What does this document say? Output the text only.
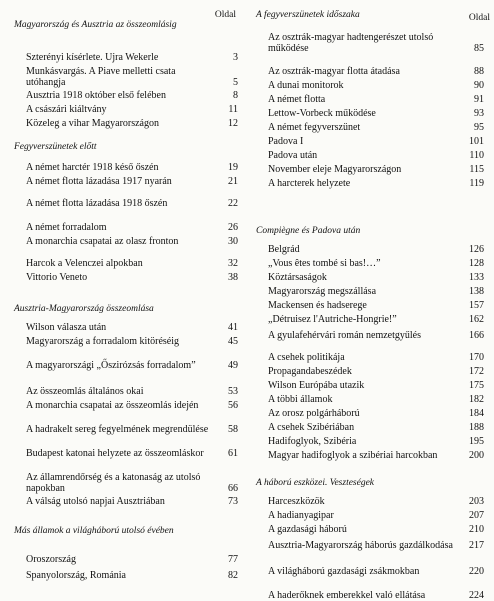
Oldal
Magyarország és Ausztria az összeomlásig
Szterényi kísérlete. Ujra Wekerle	3
Munkásvargás. A Piave melletti csata utóhangja	5
Ausztria 1918 október első felében	8
A császári kiáltvány	11
Közeleg a vihar Magyarországon	12
Fegyverszünetek előtt
A német harctér 1918 késő őszén	19
A német flotta lázadása 1917 nyarán	21
A német flotta lázadása 1918 őszén	22
A német forradalom	26
A monarchia csapatai az olasz fronton	30
Harcok a Velenczei alpokban	32
Vittorio Veneto	38
Ausztria-Magyarország összeomlása
Wilson válasza után	41
Magyarország a forradalom kitöréséig	45
A magyarországi „Őszirózsás forradalom”	49
Az összeomlás általános okai	53
A monarchia csapatai az összeomlás idején	56
A hadrakelt sereg fegyelmének megrendülése	58
Budapest katonai helyzete az összeomláskor	61
Az államrendőrség és a katonaság az utolsó napokban	66
A válság utolsó napjai Ausztriában	73
Más államok a világháború utolsó évében
Oroszország	77
Spanyolország, Románia	82
Oldal
A fegyverszünetek időszaka
Az osztrák-magyar hadtengerészet utolsó működése	85
Az osztrák-magyar flotta átadása	88
A dunai monitorok	90
A német flotta	91
Lettow-Vorbeck működése	93
A német fegyverszünet	95
Padova I	101
Padova után	110
November eleje Magyarországon	115
A harcterek helyzete	119
Compiègne és Padova után
Belgrád	126
„Vous êtes tombé si bas!…”	128
Köztársaságok	133
Magyarország megszállása	138
Mackensen és hadserege	157
„Détruisez l'Autriche-Hongrie!”	162
A gyulafehérvári román nemzetgyűlés	166
A csehek politikája	170
Propagandabeszédek	172
Wilson Európába utazik	175
A többi államok	182
Az orosz polgárháború	184
A csehek Szibériában	188
Hadifoglyok, Szibéria	195
Magyar hadifoglyok a szibériai harcokban	200
A háború eszközei. Veszteségek
Harceszközök	203
A hadianyagipar	207
A gazdasági háború	210
Ausztria-Magyarország háborús gazdálkodása	217
A világháború gazdasági zsákmokban	220
A haderőknek emberekkel való ellátása	224
